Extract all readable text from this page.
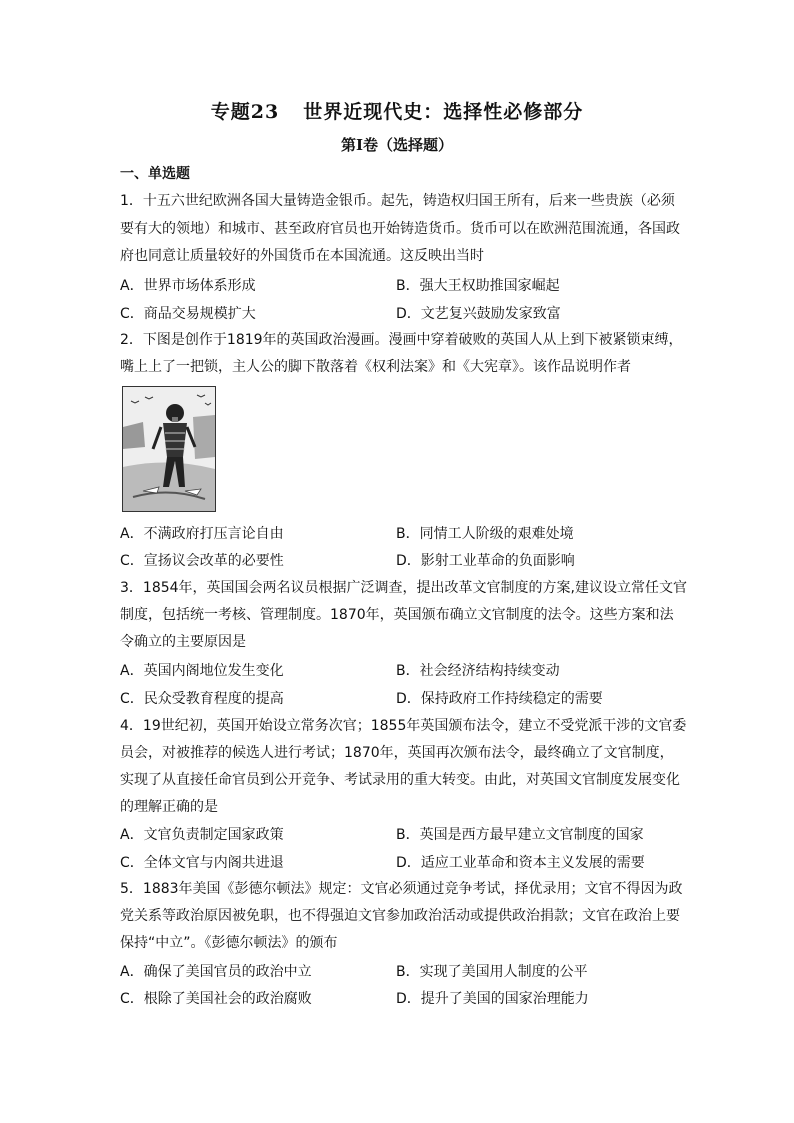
专题23 世界近现代史：选择性必修部分
第Ⅰ卷（选择题）
一、单选题
1．十五六世纪欧洲各国大量铸造金银币。起先，铸造权归国王所有，后来一些贵族（必须
要有大的领地）和城市、甚至政府官员也开始铸造货币。货币可以在欧洲范围流通，各国政
府也同意让质量较好的外国货币在本国流通。这反映出当时
A．世界市场体系形成	B．强大王权助推国家崛起
C．商品交易规模扩大	D．文艺复兴鼓励发家致富
2．下图是创作于1819年的英国政治漫画。漫画中穿着破败的英国人从上到下被紧锁束缚，
嘴上上了一把锁，主人公的脚下散落着《权利法案》和《大宪章》。该作品说明作者
A．不满政府打压言论自由	B．同情工人阶级的艰难处境
C．宣扬议会改革的必要性	D．影射工业革命的负面影响
3．1854年，英国国会两名议员根据广泛调查，提出改革文官制度的方案,建议设立常任文官
制度，包括统一考核、管理制度。1870年，英国颁布确立文官制度的法令。这些方案和法
令确立的主要原因是
A．英国内阁地位发生变化	B．社会经济结构持续变动
C．民众受教育程度的提高	D．保持政府工作持续稳定的需要
4．19世纪初，英国开始设立常务次官；1855年英国颁布法令，建立不受党派干涉的文官委
员会，对被推荐的候选人进行考试；1870年，英国再次颁布法令，最终确立了文官制度，
实现了从直接任命官员到公开竞争、考试录用的重大转变。由此，对英国文官制度发展变化
的理解正确的是
A．文官负责制定国家政策	B．英国是西方最早建立文官制度的国家
C．全体文官与内阁共进退	D．适应工业革命和资本主义发展的需要
5．1883年美国《彭德尔顿法》规定：文官必须通过竞争考试，择优录用；文官不得因为政
党关系等政治原因被免职，也不得强迫文官参加政治活动或提供政治捐款；文官在政治上要
保持“中立”。《彭德尔顿法》的颁布
A．确保了美国官员的政治中立	B．实现了美国用人制度的公平
C．根除了美国社会的政治腐败	D．提升了美国的国家治理能力
